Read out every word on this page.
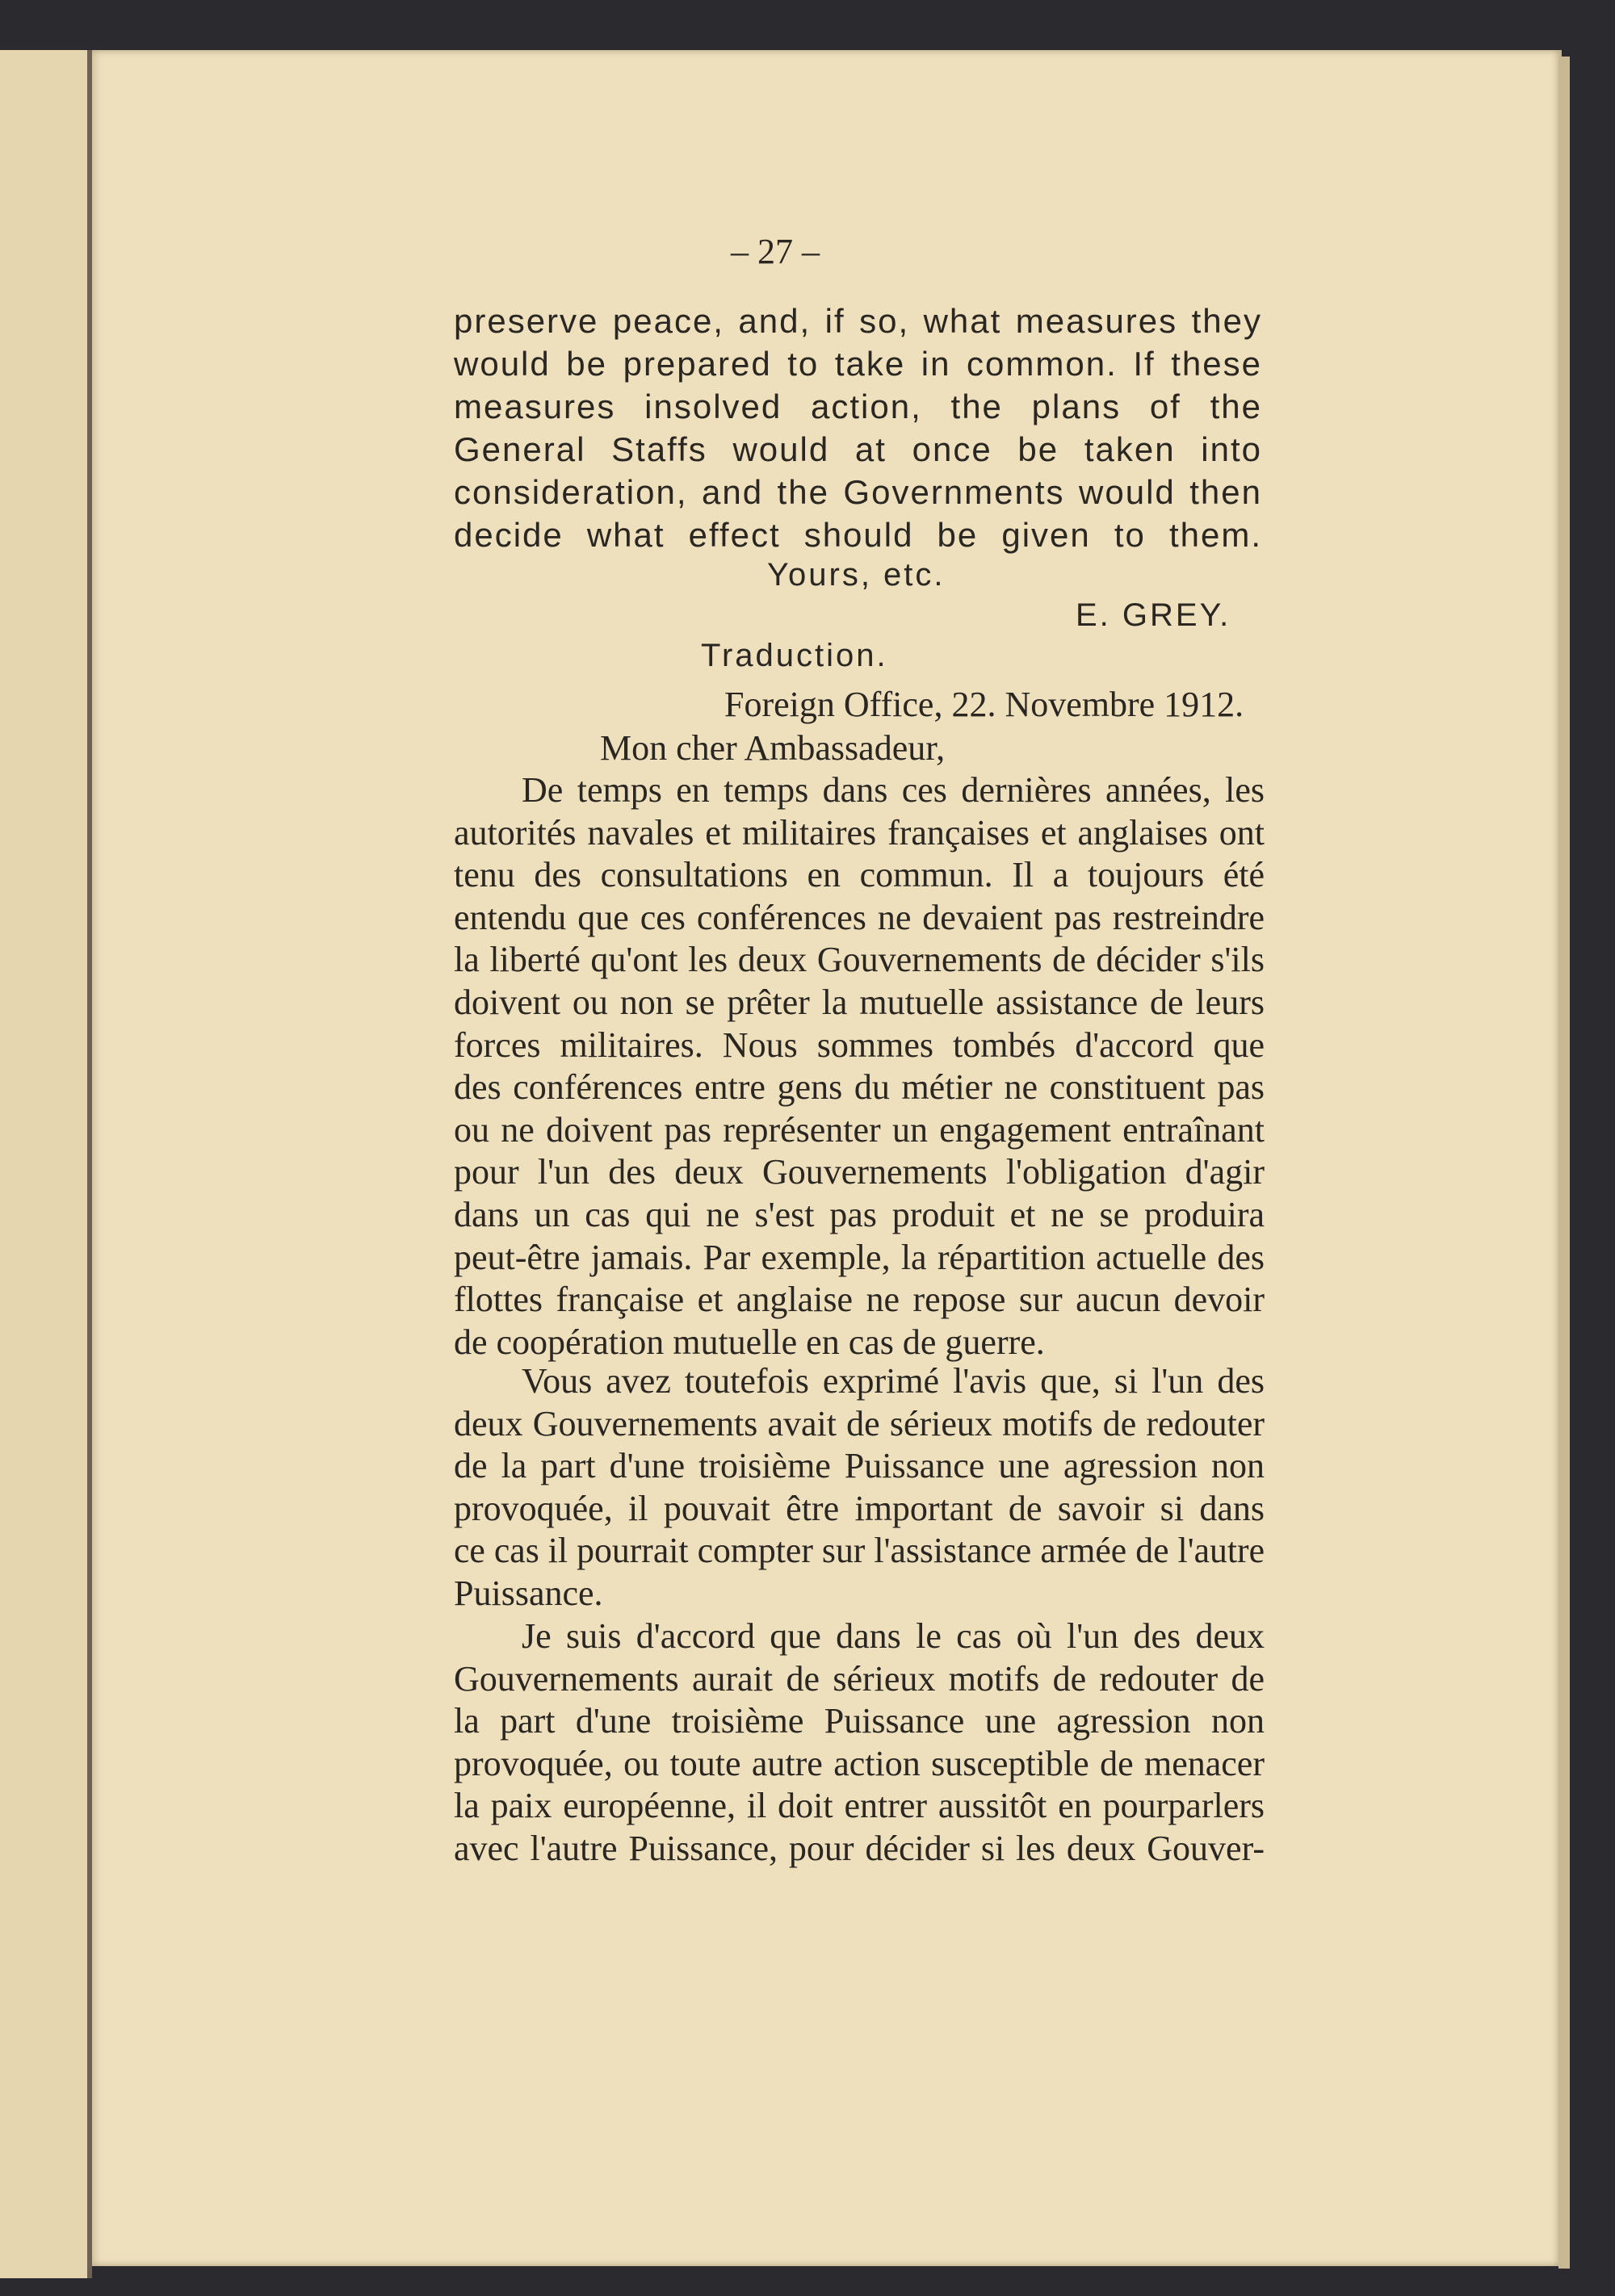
– 27 –
preserve peace, and, if so, what measures they
would be prepared to take in common. If these
measures insolved action, the plans of the
General Staffs would at once be taken into
consideration, and the Governments would then
decide what effect should be given to them.
Yours, etc.
E. GREY.
Traduction.
Foreign Office, 22. Novembre 1912.
Mon cher Ambassadeur,
De temps en temps dans ces dernières années, les
autorités navales et militaires françaises et anglaises ont
tenu des consultations en commun. Il a toujours été
entendu que ces conférences ne devaient pas restreindre
la liberté qu'ont les deux Gouvernements de décider s'ils
doivent ou non se prêter la mutuelle assistance de leurs
forces militaires. Nous sommes tombés d'accord que
des conférences entre gens du métier ne constituent pas
ou ne doivent pas représenter un engagement entraînant
pour l'un des deux Gouvernements l'obligation d'agir
dans un cas qui ne s'est pas produit et ne se produira
peut-être jamais. Par exemple, la répartition actuelle des
flottes française et anglaise ne repose sur aucun devoir
de coopération mutuelle en cas de guerre.
Vous avez toutefois exprimé l'avis que, si l'un des
deux Gouvernements avait de sérieux motifs de redouter
de la part d'une troisième Puissance une agression non
provoquée, il pouvait être important de savoir si dans
ce cas il pourrait compter sur l'assistance armée de l'autre
Puissance.
Je suis d'accord que dans le cas où l'un des deux
Gouvernements aurait de sérieux motifs de redouter de
la part d'une troisième Puissance une agression non
provoquée, ou toute autre action susceptible de menacer
la paix européenne, il doit entrer aussitôt en pourparlers
avec l'autre Puissance, pour décider si les deux Gouver-
